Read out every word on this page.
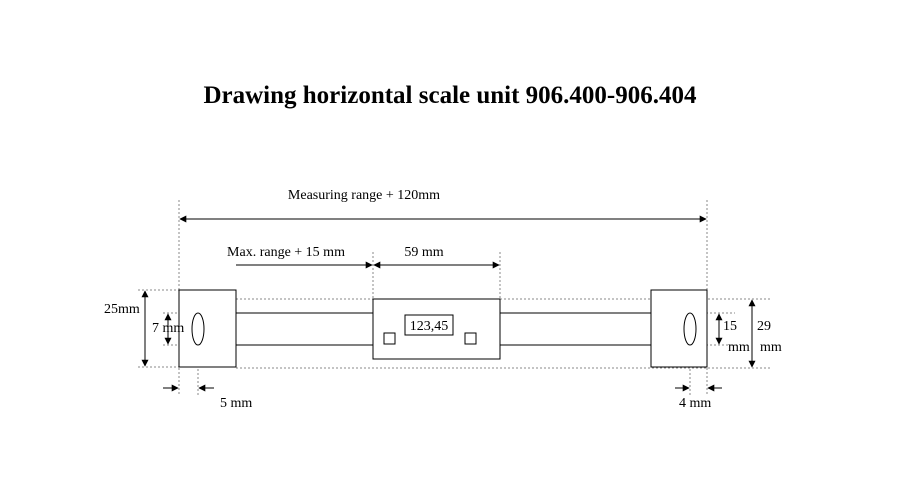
Drawing horizontal scale unit 906.400-906.404
123,45
Measuring range + 120mm
Max. range + 15 mm	59 mm
25mm
7 mm	15
mm
29
mm
5 mm	4 mm
